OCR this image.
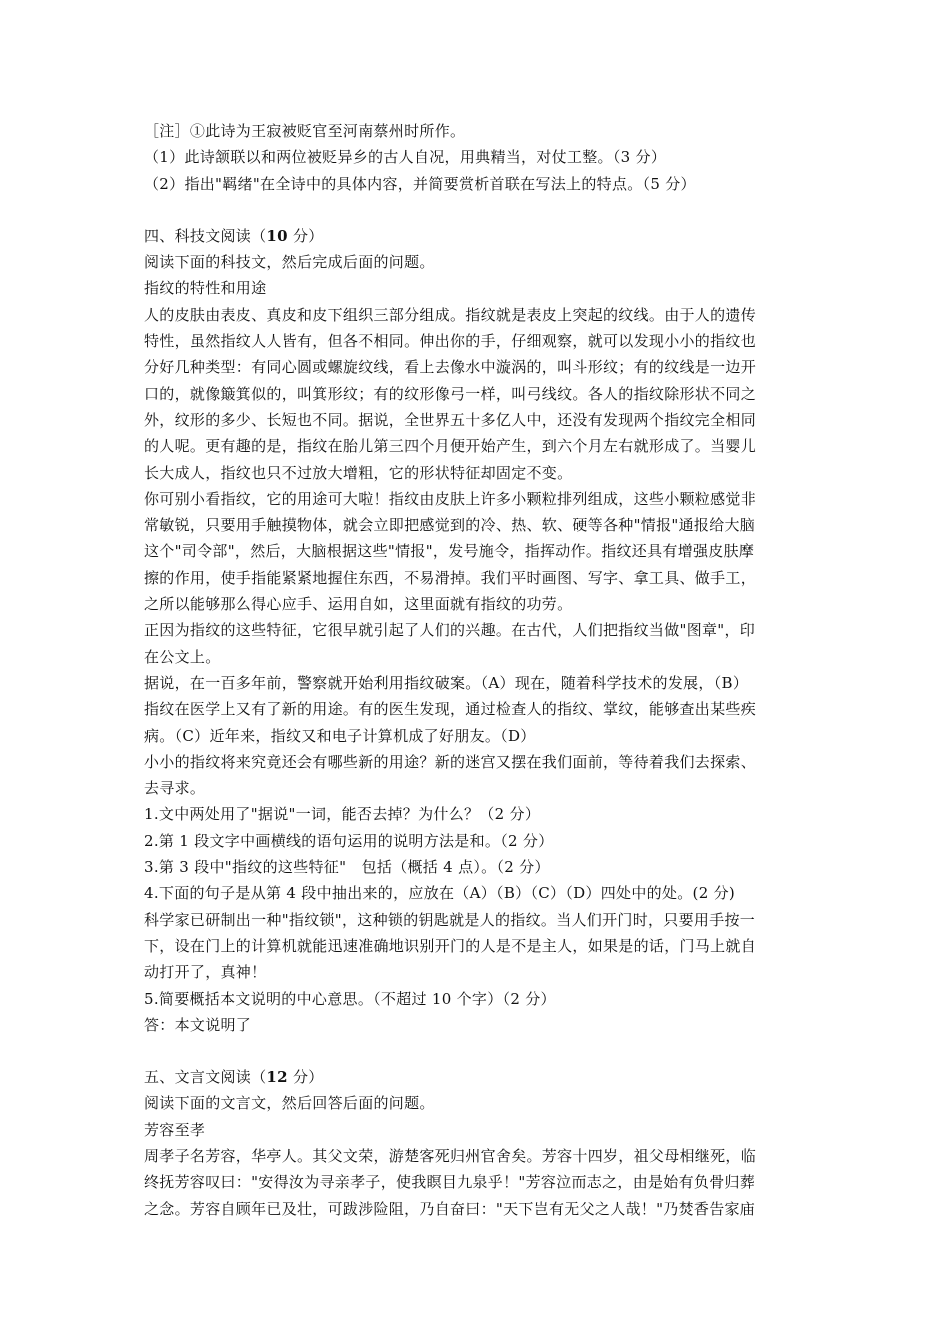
［注］①此诗为王寂被贬官至河南蔡州时所作。
（1）此诗颔联以和两位被贬异乡的古人自况，用典精当，对仗工整。（3 分）
（2）指出"羁绪"在全诗中的具体内容，并简要赏析首联在写法上的特点。（5 分）
四、科技文阅读（10 分）
阅读下面的科技文，然后完成后面的问题。
指纹的特性和用途
人的皮肤由表皮、真皮和皮下组织三部分组成。指纹就是表皮上突起的纹线。由于人的遗传
特性，虽然指纹人人皆有，但各不相同。伸出你的手，仔细观察，就可以发现小小的指纹也
分好几种类型：有同心圆或螺旋纹线，看上去像水中漩涡的，叫斗形纹；有的纹线是一边开
口的，就像簸箕似的，叫箕形纹；有的纹形像弓一样，叫弓线纹。各人的指纹除形状不同之
外，纹形的多少、长短也不同。据说，全世界五十多亿人中，还没有发现两个指纹完全相同
的人呢。更有趣的是，指纹在胎儿第三四个月便开始产生，到六个月左右就形成了。当婴儿
长大成人，指纹也只不过放大增粗，它的形状特征却固定不变。
你可别小看指纹，它的用途可大啦！指纹由皮肤上许多小颗粒排列组成，这些小颗粒感觉非
常敏锐，只要用手触摸物体，就会立即把感觉到的冷、热、软、硬等各种"情报"通报给大脑
这个"司令部"，然后，大脑根据这些"情报"，发号施令，指挥动作。指纹还具有增强皮肤摩
擦的作用，使手指能紧紧地握住东西，不易滑掉。我们平时画图、写字、拿工具、做手工，
之所以能够那么得心应手、运用自如，这里面就有指纹的功劳。
正因为指纹的这些特征，它很早就引起了人们的兴趣。在古代，人们把指纹当做"图章"，印
在公文上。
据说，在一百多年前，警察就开始利用指纹破案。（A）现在，随着科学技术的发展，（B）
指纹在医学上又有了新的用途。有的医生发现，通过检查人的指纹、掌纹，能够查出某些疾
病。（C）近年来，指纹又和电子计算机成了好朋友。（D）
小小的指纹将来究竟还会有哪些新的用途？新的迷宫又摆在我们面前，等待着我们去探索、
去寻求。
1.文中两处用了"据说"一词，能否去掉？为什么？（2 分）
2.第 1 段文字中画横线的语句运用的说明方法是和。（2 分）
3.第 3 段中"指纹的这些特征"　包括（概括 4 点）。（2 分）
4.下面的句子是从第 4 段中抽出来的，应放在（A）（B）（C）（D）四处中的处。(2 分)
科学家已研制出一种"指纹锁"，这种锁的钥匙就是人的指纹。当人们开门时，只要用手按一
下，设在门上的计算机就能迅速准确地识别开门的人是不是主人，如果是的话，门马上就自
动打开了，真神！
5.简要概括本文说明的中心意思。（不超过 10 个字）（2 分）
答：本文说明了
五、文言文阅读（12 分）
阅读下面的文言文，然后回答后面的问题。
芳容至孝
周孝子名芳容，华亭人。其父文荣，游楚客死归州官舍矣。芳容十四岁，祖父母相继死，临
终抚芳容叹曰："安得汝为寻亲孝子，使我瞑目九泉乎！"芳容泣而志之，由是始有负骨归葬
之念。芳容自顾年已及壮，可跋涉险阻，乃自奋曰："天下岂有无父之人哉！"乃焚香告家庙
